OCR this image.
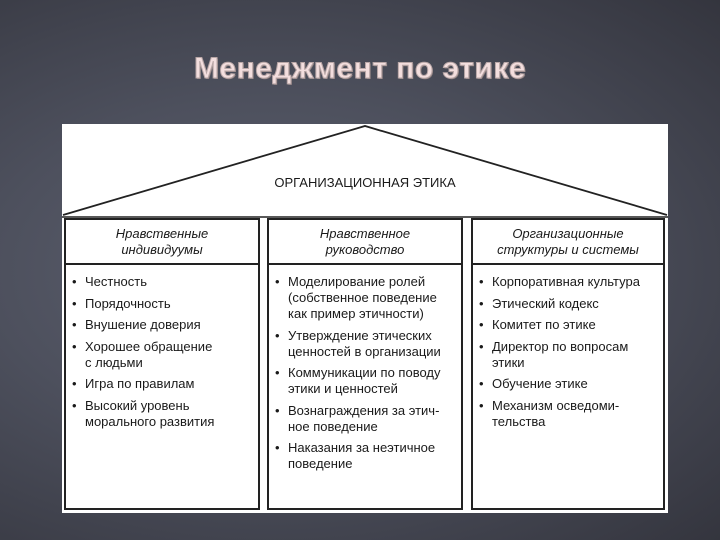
Менеджмент по этике
ОРГАНИЗАЦИОННАЯ ЭТИКА
Нравственные
индивидуумы
• Честность
• Порядочность
• Внушение доверия
• Хорошее обращение
с людьми
• Игра по правилам
• Высокий уровень
морального развития
Нравственное
руководство
• Моделирование ролей
(собственное поведение
как пример этичности)
• Утверждение этических
ценностей в организации
• Коммуникации по поводу
этики и ценностей
• Вознаграждения за этич-
ное поведение
• Наказания за неэтичное
поведение
Организационные
структуры и системы
• Корпоративная культура
• Этический кодекс
• Комитет по этике
• Директор по вопросам
этики
• Обучение этике
• Механизм осведоми-
тельства
